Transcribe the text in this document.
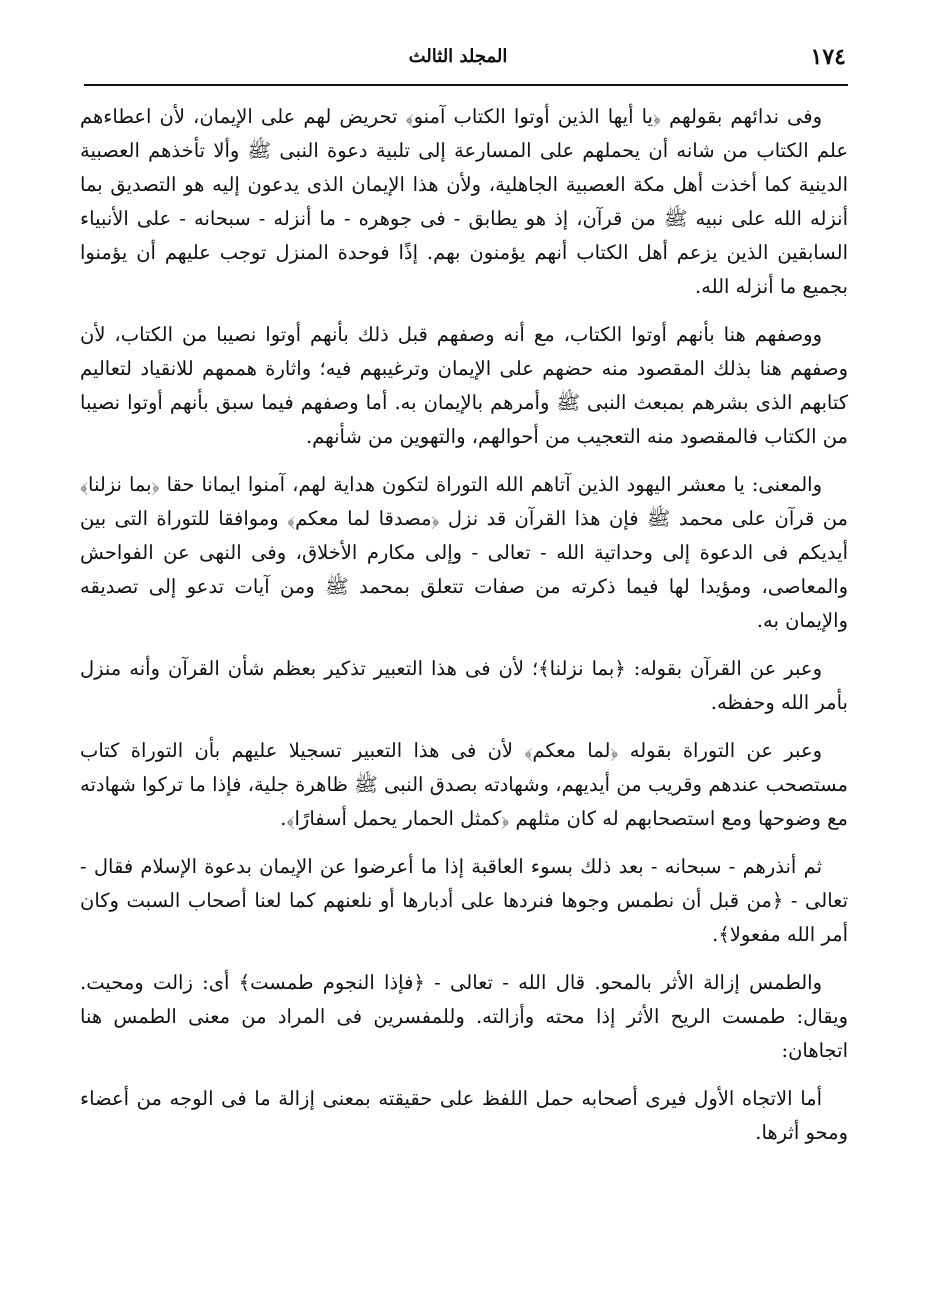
١٧٤
المجلد الثالث

وفى ندائهم بقولهم ﴿يا أيها الذين أوتوا الكتاب آمنو﴾ تحريض لهم على الإيمان، لأن اعطاءهم علم الكتاب من شانه أن يحملهم على المسارعة إلى تلبية دعوة النبى ﷺ وألا تأخذهم العصبية الدينية كما أخذت أهل مكة العصبية الجاهلية، ولأن هذا الإيمان الذى يدعون إليه هو التصديق بما أنزله الله على نبيه ﷺ من قرآن، إذ هو يطابق - فى جوهره - ما أنزله - سبحانه - على الأنبياء السابقين الذين يزعم أهل الكتاب أنهم يؤمنون بهم. إذًا فوحدة المنزل توجب عليهم أن يؤمنوا بجميع ما أنزله الله.

ووصفهم هنا بأنهم أوتوا الكتاب، مع أنه وصفهم قبل ذلك بأنهم أوتوا نصيبا من الكتاب، لأن وصفهم هنا بذلك المقصود منه حضهم على الإيمان وترغيبهم فيه؛ واثارة هممهم للانقياد لتعاليم كتابهم الذى بشرهم بمبعث النبى ﷺ وأمرهم بالإيمان به. أما وصفهم فيما سبق بأنهم أوتوا نصيبا من الكتاب فالمقصود منه التعجيب من أحوالهم، والتهوين من شأنهم.

والمعنى: يا معشر اليهود الذين آتاهم الله التوراة لتكون هداية لهم، آمنوا ايمانا حقا ﴿بما نزلنا﴾ من قرآن على محمد ﷺ فإن هذا القرآن قد نزل ﴿مصدقا لما معكم﴾ وموافقا للتوراة التى بين أيديكم فى الدعوة إلى وحداتية الله - تعالى - وإلى مكارم الأخلاق، وفى النهى عن الفواحش والمعاصى، ومؤيدا لها فيما ذكرته من صفات تتعلق بمحمد ﷺ ومن آيات تدعو إلى تصديقه والإيمان به.

وعبر عن القرآن بقوله: ﴿بما نزلنا﴾؛ لأن فى هذا التعبير تذكير بعظم شأن القرآن وأنه منزل بأمر الله وحفظه.

وعبر عن التوراة بقوله ﴿لما معكم﴾ لأن فى هذا التعبير تسجيلا عليهم بأن التوراة كتاب مستصحب عندهم وقريب من أيديهم، وشهادته بصدق النبى ﷺ ظاهرة جلية، فإذا ما تركوا شهادته مع وضوحها ومع استصحابهم له كان مثلهم ﴿كمثل الحمار يحمل أسفارًا﴾.

ثم أنذرهم - سبحانه - بعد ذلك بسوء العاقبة إذا ما أعرضوا عن الإيمان بدعوة الإسلام فقال - تعالى - ﴿من قبل أن نطمس وجوها فنردها على أدبارها أو نلعنهم كما لعنا أصحاب السبت وكان أمر الله مفعولا﴾.

والطمس إزالة الأثر بالمحو. قال الله - تعالى - ﴿فإذا النجوم طمست﴾ أى: زالت ومحيت. ويقال: طمست الريح الأثر إذا محته وأزالته. وللمفسرين فى المراد من معنى الطمس هنا اتجاهان:

أما الاتجاه الأول فيرى أصحابه حمل اللفظ على حقيقته بمعنى إزالة ما فى الوجه من أعضاء ومحو أثرها.
